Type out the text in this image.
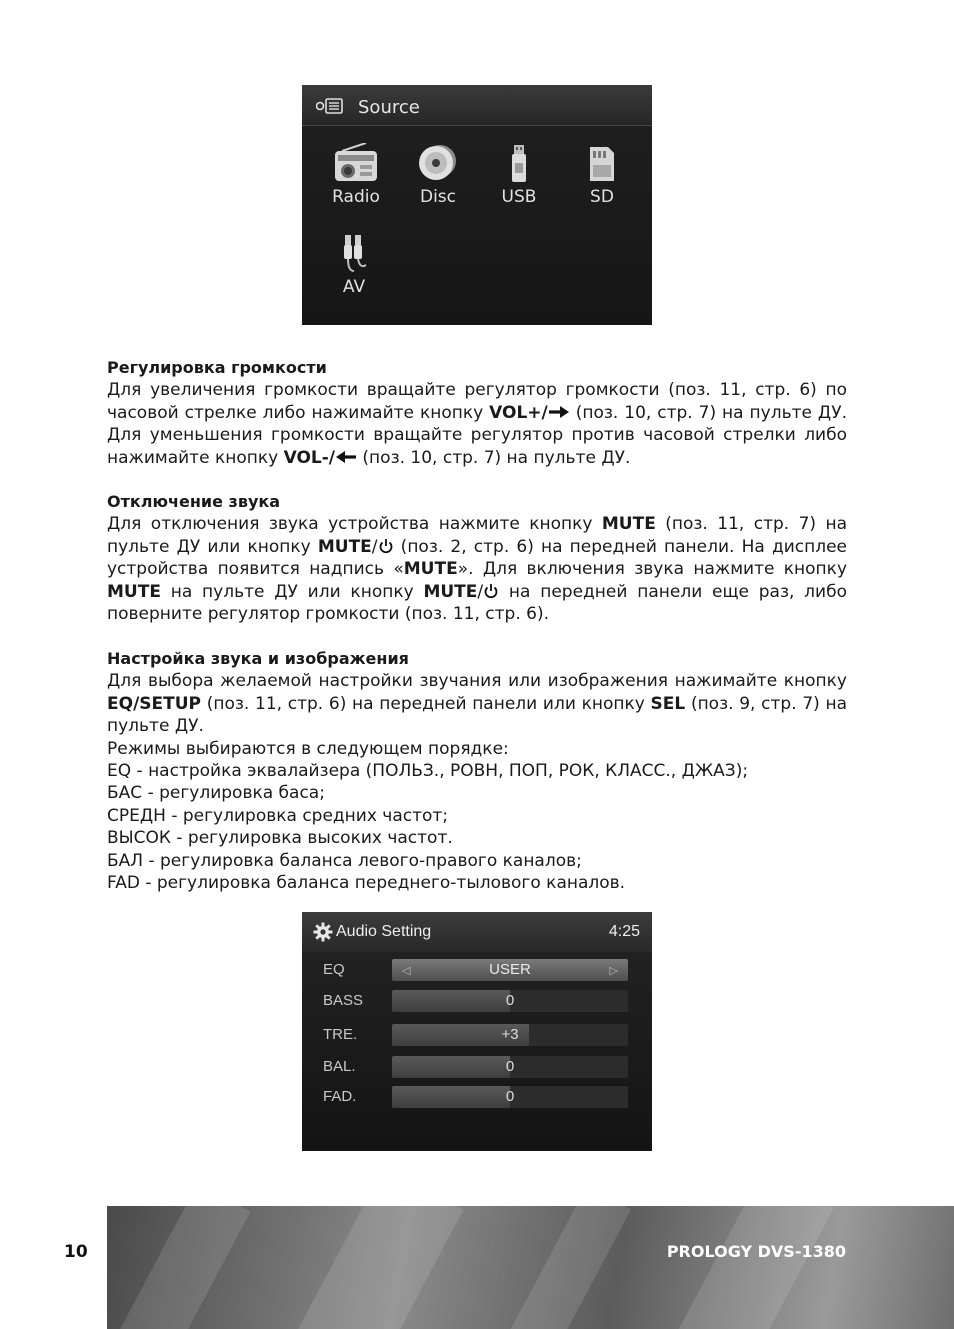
Source
Radio	Disc	USB	SD
AV
Регулировка громкости

Для увеличения громкости вращайте регулятор громкости (поз. 11, стр. 6) по часовой стрелке либо нажимайте кнопку VOL+/ (поз. 10, стр. 7) на пульте ДУ. Для уменьшения громкости вращайте регулятор против часовой стрелки либо нажимайте кнопку VOL-/ (поз. 10, стр. 7) на пульте ДУ.

Отключение звука

Для отключения звука устройства нажмите кнопку MUTE (поз. 11, стр. 7) на пульте ДУ или кнопку MUTE/ (поз. 2, стр. 6) на передней панели. На дисплее устройства появится надпись «MUTE». Для включения звука нажмите кнопку MUTE на пульте ДУ или кнопку MUTE/ на передней панели еще раз, либо поверните регулятор громкости (поз. 11, стр. 6).

Настройка звука и изображения

Для выбора желаемой настройки звучания или изображения нажимайте кнопку EQ/SETUP (поз. 11, стр. 6) на передней панели или кнопку SEL (поз. 9, стр. 7) на пульте ДУ.

Режимы выбираются в следующем порядке:

EQ - настройка эквалайзера (ПОЛЬЗ., РОВН, ПОП, РОК, КЛАСС., ДЖАЗ);

БАС - регулировка баса;

СРЕДН - регулировка средних частот;

ВЫСОК - регулировка высоких частот.

БАЛ - регулировка баланса левого-правого каналов;

FAD - регулировка баланса переднего-тылового каналов.

Audio Setting	4:25
EQ	◁	USER	▷
BASS	0
TRE.	+3
BAL.	0
FAD.	0
10	PROLOGY DVS-1380
